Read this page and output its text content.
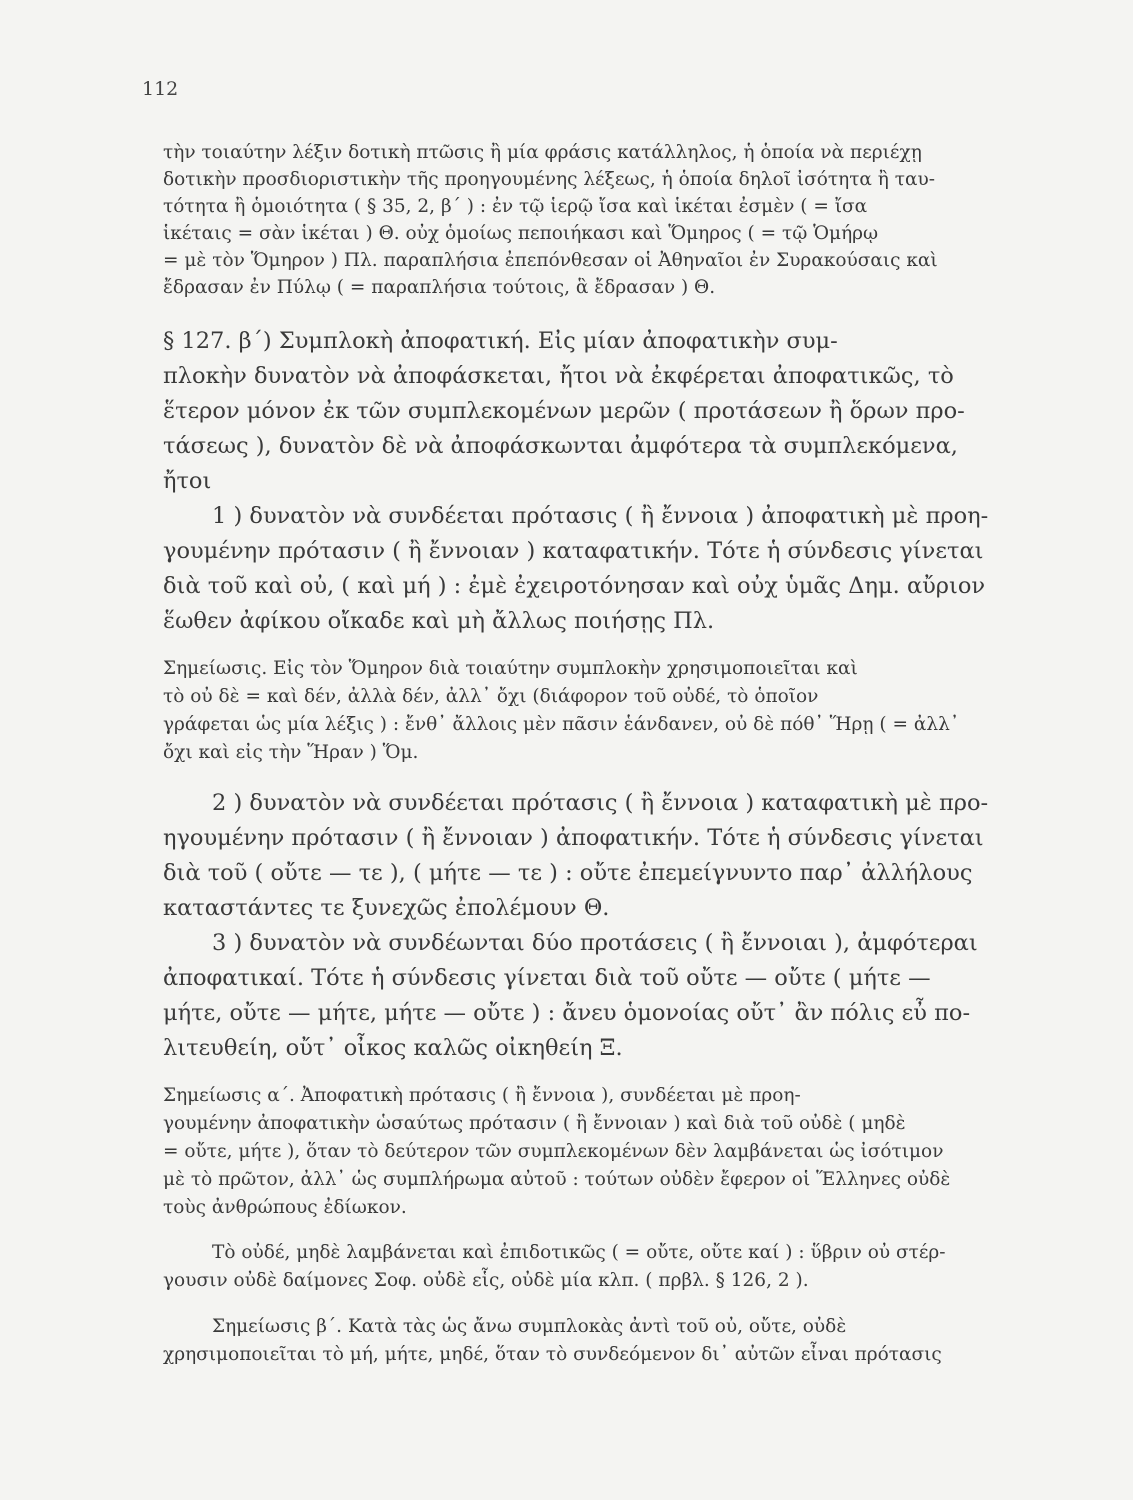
112
τὴν τοιαύτην λέξιν δοτικὴ πτῶσις ἢ μία φράσις κατάλληλος, ἡ ὁποία νὰ περιέχῃ
δοτικὴν προσδιοριστικὴν τῆς προηγουμένης λέξεως, ἡ ὁποία δηλοῖ ἰσότητα ἢ ταυ-
τότητα ἢ ὁμοιότητα ( § 35, 2, β΄ ) : ἐν τῷ ἱερῷ ἴσα καὶ ἱκέται ἐσμὲν ( = ἴσα
ἱκέταις = σὰν ἱκέται ) Θ. οὐχ ὁμοίως πεποιήκασι καὶ Ὅμηρος ( = τῷ Ὁμήρῳ
= μὲ τὸν Ὅμηρον ) Πλ. παραπλήσια ἐπεπόνθεσαν οἱ Ἀθηναῖοι ἐν Συρακούσαις καὶ
ἔδρασαν ἐν Πύλῳ ( = παραπλήσια τούτοις, ἃ ἔδρασαν ) Θ.
§ 127. β΄) Συμπλοκὴ ἀποφατική. Εἰς μίαν ἀποφατικὴν συμ-
πλοκὴν δυνατὸν νὰ ἀποφάσκεται, ἤτοι νὰ ἐκφέρεται ἀποφατικῶς, τὸ
ἕτερον μόνον ἐκ τῶν συμπλεκομένων μερῶν ( προτάσεων ἢ ὅρων προ-
τάσεως ), δυνατὸν δὲ νὰ ἀποφάσκωνται ἀμφότερα τὰ συμπλεκόμενα,
ἤτοι
1 ) δυνατὸν νὰ συνδέεται πρότασις ( ἢ ἔννοια ) ἀποφατικὴ μὲ προη-
γουμένην πρότασιν ( ἢ ἔννοιαν ) καταφατικήν. Τότε ἡ σύνδεσις γίνεται
διὰ τοῦ καὶ οὐ, ( καὶ μή ) : ἐμὲ ἐχειροτόνησαν καὶ οὐχ ὑμᾶς Δημ. αὔριον
ἕωθεν ἀφίκου οἴκαδε καὶ μὴ ἄλλως ποιήσῃς Πλ.
Σημείωσις. Εἰς τὸν Ὅμηρον διὰ τοιαύτην συμπλοκὴν χρησιμοποιεῖται καὶ
τὸ οὐ δὲ = καὶ δέν, ἀλλὰ δέν, ἀλλ᾽ ὄχι (διάφορον τοῦ οὐδέ, τὸ ὁποῖον
γράφεται ὡς μία λέξις ) : ἔνθ᾽ ἄλλοις μὲν πᾶσιν ἑάνδανεν, οὐ δὲ πόθ᾽ Ἥρῃ ( = ἀλλ᾽
ὄχι καὶ εἰς τὴν Ἥραν ) Ὅμ.
2 ) δυνατὸν νὰ συνδέεται πρότασις ( ἢ ἔννοια ) καταφατικὴ μὲ προ-
ηγουμένην πρότασιν ( ἢ ἔννοιαν ) ἀποφατικήν. Τότε ἡ σύνδεσις γίνεται
διὰ τοῦ ( οὔτε — τε ), ( μήτε — τε ) : οὔτε ἐπεμείγνυντο παρ᾽ ἀλλήλους
καταστάντες τε ξυνεχῶς ἐπολέμουν Θ.
3 ) δυνατὸν νὰ συνδέωνται δύο προτάσεις ( ἢ ἔννοιαι ), ἀμφότεραι
ἀποφατικαί. Τότε ἡ σύνδεσις γίνεται διὰ τοῦ οὔτε — οὔτε ( μήτε —
μήτε, οὔτε — μήτε, μήτε — οὔτε ) : ἄνευ ὁμονοίας οὔτ᾽ ἂν πόλις εὖ πο-
λιτευθείη, οὔτ᾽ οἶκος καλῶς οἰκηθείη Ξ.
Σημείωσις α΄. Ἀποφατικὴ πρότασις ( ἢ ἔννοια ), συνδέεται μὲ προη-
γουμένην ἀποφατικὴν ὡσαύτως πρότασιν ( ἢ ἔννοιαν ) καὶ διὰ τοῦ οὐδὲ ( μηδὲ
= οὔτε, μήτε ), ὅταν τὸ δεύτερον τῶν συμπλεκομένων δὲν λαμβάνεται ὡς ἰσότιμον
μὲ τὸ πρῶτον, ἀλλ᾽ ὡς συμπλήρωμα αὐτοῦ : τούτων οὐδὲν ἔφερον οἱ Ἕλληνες οὐδὲ
τοὺς ἀνθρώπους ἐδίωκον.
Τὸ οὐδέ, μηδὲ λαμβάνεται καὶ ἐπιδοτικῶς ( = οὔτε, οὔτε καί ) : ὕβριν οὐ στέρ-
γουσιν οὐδὲ δαίμονες Σοφ. οὐδὲ εἷς, οὐδὲ μία κλπ. ( πρβλ. § 126, 2 ).
Σημείωσις β΄. Κατὰ τὰς ὡς ἄνω συμπλοκὰς ἀντὶ τοῦ οὐ, οὔτε, οὐδὲ
χρησιμοποιεῖται τὸ μή, μήτε, μηδέ, ὅταν τὸ συνδεόμενον δι᾽ αὐτῶν εἶναι πρότασις
